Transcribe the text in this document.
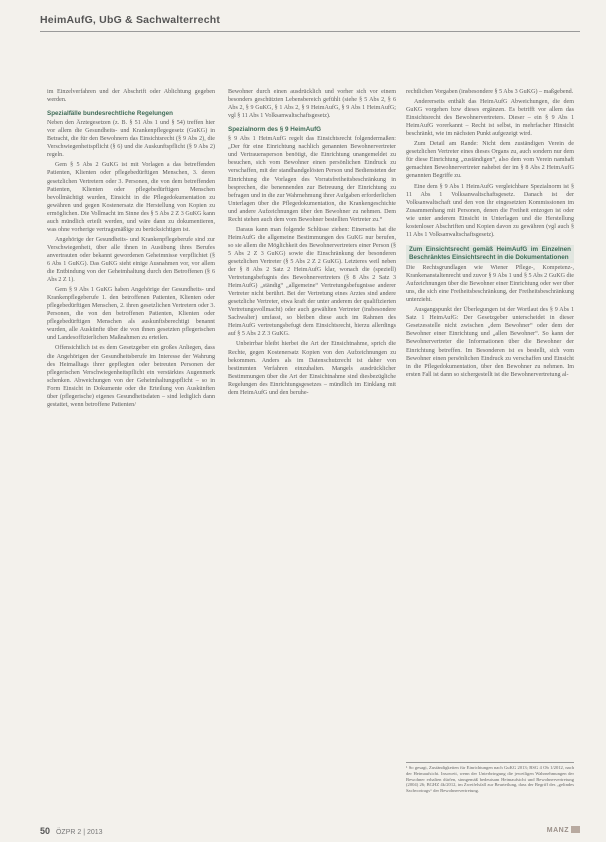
HeimAufG, UbG & Sachwalterrecht

im Einzelverfahren und der Abschrift oder Ablichtung gegeben werden.

Spezialfälle bundesrechtliche Regelungen

Neben den Ärztegesetzen (z. B. § 51 Abs 1 und § 54) treffen hier vor allem die Gesundheits- und Krankenpflegegesetz (GuKG) in Betracht, die für den Bewohnern das Einsichtsrecht (§ 9 Abs 2), die Verschwiegenheitspflicht (§ 6) und die Auskunftspflicht (§ 9 Abs 2) regeln.

Gem § 5 Abs 2 GuKG ist mit Vorlagen a das betreffenden Patienten, Klienten oder pflegebedürftigen Menschen, 3. deren gesetzlichen Vertretern oder 3. Personen, die von dem betreffenden Patienten, Klienten oder pflegebedürftigen Menschen bevollmächtigt wurden, Einsicht in die Pflegedokumentation zu gewähren und gegen Kostenersatz die Herstellung von Kopien zu ermöglichen. Die Vollmacht im Sinne des § 5 Abs 2 Z 3 GuKG kann auch mündlich erteilt werden, und wäre dann zu dokumentieren, was ohne vorherige vertragsmäßige zu berücksichtigen ist.

Angehörige der Gesundheits- und Krankenpflegeberufe sind zur Verschwiegenheit, über alle ihnen in Ausübung ihres Berufes anvertrauten oder bekannt gewordenen Geheimnisse verpflichtet (§ 6 Abs 1 GuKG). Das GuKG sieht einige Ausnahmen vor, vor allem die Entbindung von der Geheimhaltung durch den Betroffenen (§ 6 Abs 2 Z 1).

Gem § 9 Abs 1 GuKG haben Angehörige der Gesundheits- und Krankenpflegeberufe 1. den betroffenen Patienten, Klienten oder pflegebedürftigen Menschen, 2. ihren gesetzlichen Vertretern oder 3. Personen, die von den betroffenen Patienten, Klienten oder pflegebedürftigen Menschen als auskunftsberechtigt benannt wurden, alle Auskünfte über die von ihnen gesetzten pflegerischen und Landesoffizierlichen Maßnahmen zu erteilen.

Offensichtlich ist es dem Gesetzgeber ein großes Anliegen, dass die Angehörigen der Gesundheitsberufe im Interesse der Wahrung des Heimalltags ihrer gepflegten oder betreuten Personen der pflegerischen Verschwiegenheitspflicht ein verstärktes Augenmerk schenken. Abweichungen von der Geheimhaltungspflicht – so in Form Einsicht in Dokumente oder die Erteilung von Auskünften über (pflegerische) eigenes Gesundheitsdaten – sind lediglich dann gestattet, wenn betroffene Patienten/

Bewohner durch einen ausdrücklich und vorher sich vor einem besonders geschützten Lebensbereich gefühlt (siehe § 5 Abs 2, § 6 Abs 2, § 9 GuKG, § 1 Abs 2, § 9 HeimAufG, § 9 Abs 1 HeimAufG; vgl § 11 Abs 1 Volksanwaltschaftsgesetz).

Spezialnorm des § 9 HeimAufG

§ 9 Abs 1 HeimAufG regelt das Einsichtsrecht folgendermaßen: „Der für eine Einrichtung nachlich genannten Bewohnervertreter und Vertrauensperson benötigt, die Einrichtung unangemeldet zu besuchen, sich vom Bewohner einen persönlichen Eindruck zu verschaffen, mit der standhandgelösten Person und Bediensteten der Einrichtung die Vorlagen des Vorratsfreiheitsbeschränkung in besprechen, die benennenden zur Betreuung der Einrichtung zu befragen und in die zur Wahrnehmung ihrer Aufgaben erforderlichen Unterlagen über die Pflegedokumentation, die Krankengeschichte und andere Aufzeichnungen über den Bewohner zu nehmen. Dem Recht stehen auch dem vom Bewohner bestellten Vertreter zu.“

Daraus kann man folgende Schlüsse ziehen: Einerseits hat die HeimAufG die allgemeine Bestimmungen des GuKG nur berufen, so sie allem die Möglichkeit des Bewohnervertreters einer Person (§ 5 Abs 2 Z 3 GuKG) sowie die Einschränkung der besonderen gesetzlichen Vertreter (§ 5 Abs 2 Z 2 GuKG). Letzteres weil neben der § 8 Abs 2 Satz 2 HeimAufG klar, wonach die (speziell) Vertretungsbefugnis des Bewohnervertreters (§ 8 Abs 2 Satz 3 HeimAufG) „ständig“ „allgemeine“ Vertretungsbefugnisse anderer Vertreter nicht berührt. Bei der Vertretung eines Arztes sind andere gesetzliche Vertreter, etwa kraft der unter anderem der qualifizierten Vertretungsvollmacht) oder auch gewählten Vertreter (insbesondere Sachwalter) umfasst, so bleiben diese auch im Rahmen des HeimAufG vertretungsbefugt dem Einsichtsrecht, hierzu allerdings auf § 5 Abs 2 Z 3 GuKG.

Unbeirrbar bleibt hierbei die Art der Einsichtnahme, sprich die Rechte, gegen Kostenersatz Kopien von den Aufzeichnungen zu bekommen. Anders als im Datenschutzrecht ist daher von bestimmten Verfahren einzuhalten. Mangels ausdrücklicher Bestimmungen über die Art der Einsichtnahme sind diesbezügliche Regelungen des Einrichtungsgesetzes – mündlich im Einklang mit dem HeimAufG und den beruhe-

rechtlichen Vorgaben (insbesondere § 5 Abs 3 GuKG) – maßgebend.

Andererseits enthält das HeimAufG Abweichungen, die dem GuKG vorgehen bzw dieses ergänzen. Es betrifft vor allem das Einsichtsrecht des Bewohnervertreters. Dieser – ein § 9 Abs 1 HeimAufG vorerkannt – Recht ist selbst, in mehrfacher Hinsicht beschränkt, wie im nächsten Punkt aufgezeigt wird.

Zum Detail am Rande: Nicht dem zuständigen Verein de gesetzlichen Vertreter eines dieses Organs zu, auch sondern nur dem für diese Einrichtung „zuständigen“, also dem vom Verein namhaft gemachten Bewohnervertreter nahebei der im § 8 Abs 2 HeimAufG genannten Begriffe zu.

Eine dem § 9 Abs 1 HeimAufG vergleichbare Spezialnorm ist § 11 Abs 1 Volksanwaltschaftsgesetz. Danach ist der Volksanwaltschaft und den von ihr eingesetzten Kommissionen im Zusammenhang mit Personen, denen die Freiheit entzogen ist oder wie unter anderem Einsicht in Unterlagen und die Herstellung kostenloser Abschriften und Kopien davon zu gewähren (vgl auch § 11 Abs 1 Volksanwaltschaftsgesetz).

Zum Einsichtsrecht gemäß HeimAufG im Einzelnen Beschränktes Einsichtsrecht in die Dokumentationen

Die Rechtsgrundlagen wie Wiener Pflege-, Kompetenz-, Krankenanstaltenrecht und zuvor § 9 Abs 1 und § 5 Abs 2 GuKG die Aufzeichnungen über die Bewohner einer Einrichtung oder wer über uns, die sich eine Freiheitsbeschränkung, der Freiheitsbeschränkung unterzieht.

Ausgangspunkt der Überlegungen ist der Wortlaut des § 9 Abs 1 Satz 1 HeimAufG: Der Gesetzgeber unterscheidet in dieser Gesetzesstelle nicht zwischen „dem Bewohner“ oder dem der Bewohner einer Einrichtung und „allen Bewohner“. So kann der Bewohnervertreter die Informationen über die Bewohner der Einrichtung betreffen. Im Besonderen ist es bestellt, sich vom Bewohner einen persönlichen Eindruck zu verschaffen und Einsicht in die Pflegedokumentation, über den Bewohner zu nehmen. Im ersten Fall ist dann so sichergestellt ist die Bewohnervertretung al-

¹ So gesagt, Zuständigkeiten für Einrichtungen nach GuKG 2013; BSG 4 Ob 1/2012, nach der Heimaufsicht. Insoweit, wenn der Unterbringung die jeweiligen Wahrnehmungen der Bewohner erhalten dürfen, sinngemäß bedeutsam Heimaufsicht und Bewohnervertretung (2004) 26; BGHZ 4k/2012, im Zweifelsfall zur Beurteilung, dass der Begriff des „gelindes Sachvortrags“ der Bewohnervertretung.
50 ÖZPR 2 | 2013	MANZ
